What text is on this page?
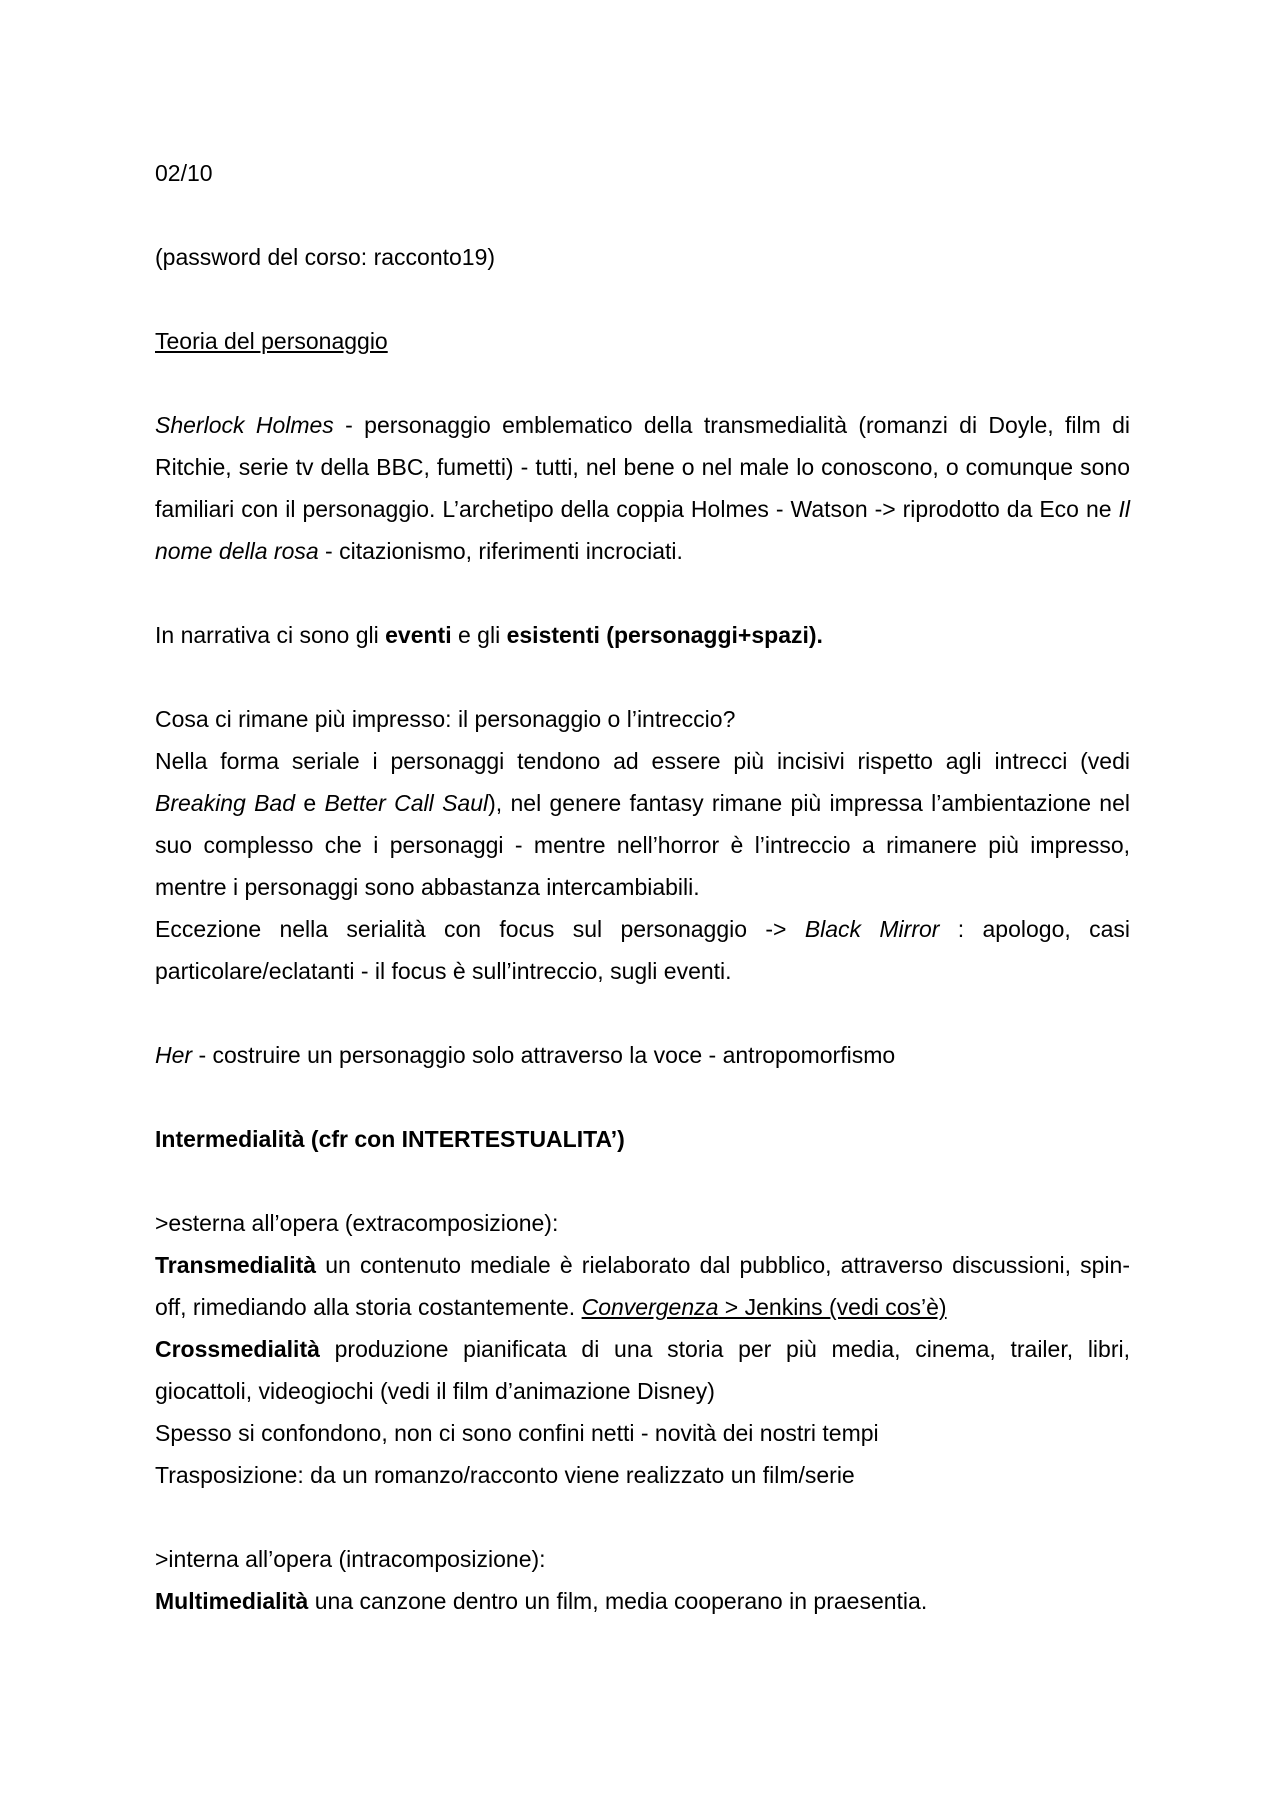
02/10

(password del corso: racconto19)

Teoria del personaggio

Sherlock Holmes - personaggio emblematico della transmedialità (romanzi di Doyle, film di Ritchie, serie tv della BBC, fumetti) - tutti, nel bene o nel male lo conoscono, o comunque sono familiari con il personaggio. L’archetipo della coppia Holmes - Watson -> riprodotto da Eco ne Il nome della rosa - citazionismo, riferimenti incrociati.

In narrativa ci sono gli eventi e gli esistenti (personaggi+spazi).

Cosa ci rimane più impresso: il personaggio o l’intreccio?

Nella forma seriale i personaggi tendono ad essere più incisivi rispetto agli intrecci (vedi Breaking Bad e Better Call Saul), nel genere fantasy rimane più impressa l’ambientazione nel suo complesso che i personaggi - mentre nell’horror è l’intreccio a rimanere più impresso, mentre i personaggi sono abbastanza intercambiabili.

Eccezione nella serialità con focus sul personaggio -> Black Mirror : apologo, casi particolare/eclatanti - il focus è sull’intreccio, sugli eventi.

Her - costruire un personaggio solo attraverso la voce - antropomorfismo

Intermedialità (cfr con INTERTESTUALITA’)

>esterna all’opera (extracomposizione):

Transmedialità un contenuto mediale è rielaborato dal pubblico, attraverso discussioni, spin-off, rimediando alla storia costantemente. Convergenza > Jenkins (vedi cos’è)

Crossmedialità produzione pianificata di una storia per più media, cinema, trailer, libri, giocattoli, videogiochi (vedi il film d’animazione Disney)

Spesso si confondono, non ci sono confini netti - novità dei nostri tempi

Trasposizione: da un romanzo/racconto viene realizzato un film/serie

>interna all’opera (intracomposizione):

Multimedialità una canzone dentro un film, media cooperano in praesentia.
